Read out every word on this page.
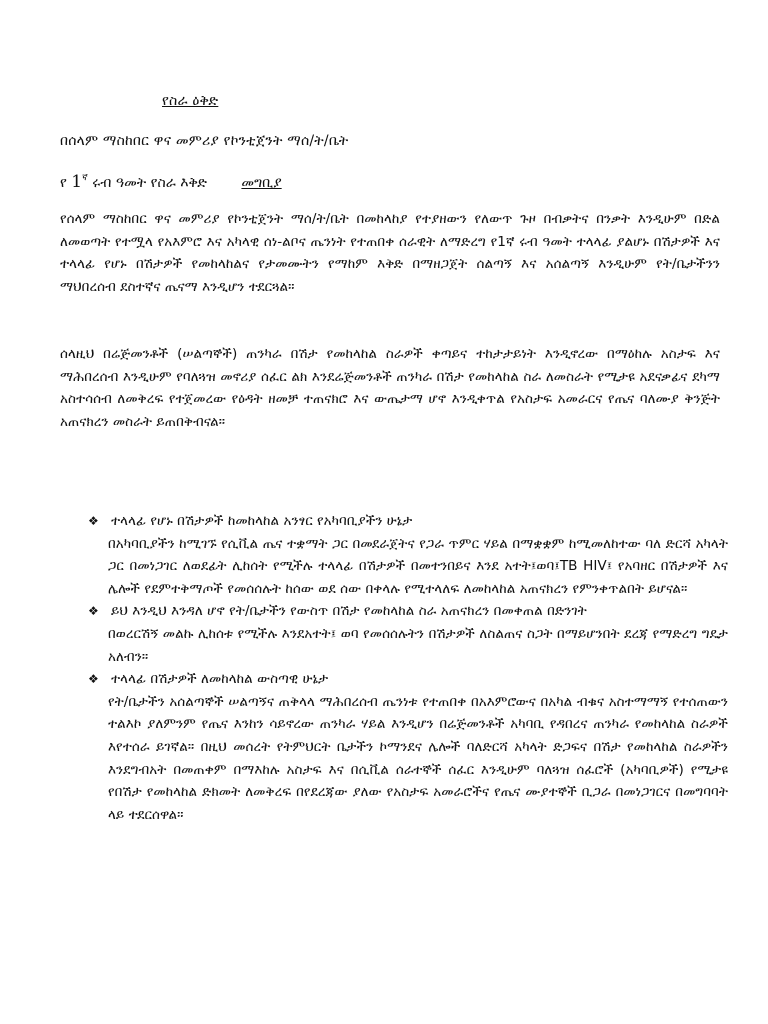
የስራ ዕቅድ
በሰላም ማስከበር ዋና መምሪያ የኮንቲጀንት ማሰ/ት/ቤት
የ $1^ኛ$ ሩብ ዓመት የስራ እቅድ መግቢያ

የሰላም ማስከበር ዋና መምሪያ የኮንቲጀንት ማሰ/ት/ቤት በመከላከያ የተያዘውን የለውጥ ጉዞ በብቃትና በንቃት እንዲሁም በድል ለመወጣት የተሟላ የአእምሮ እና አካላዊ ሰነ-ልቦና ጤንነት የተጠበቀ ሰራዊት ለማድረግ የ1ኛ ሩብ ዓመት ተላላፊ ያልሆኑ በሽታዎች እና ተላላፊ የሆኑ በሽታዎች የመከላከልና የታመሙትን የማከም እቅድ በማዘጋጀት ሰልጣኝ እና አሰልጣኝ እንዲሁም የት/ቤታችንን ማህበረሰብ ደስተኛና ጤናማ እንዲሆን ተደርጓል።

ሰላዚህ በሬጅመንቶች (ሠልጣኞች) ጠንካራ በሽታ የመከላከል ስራዎች ቀጣይና ተከታታይነት እንዲኖረው በማዕከሉ አስታፍ እና ማሕበረሰብ እንዲሁም የባለጓዝ መኖሪያ ሰፈር ልክ እንደሬጅመንቶች ጠንካራ በሽታ የመከላከል ስራ ለመስራት የሚታዩ አደናቃፊና ደካማ አስተሳሰብ ለመቅረፍ የተጀመረው የዕዳት ዘመቻ ተጠናክሮ እና ውጤታማ ሆኖ እንዲቀጥል የአስታፍ አመራርና የጤና ባለሙያ ቅንጅት አጠናክረን መስራት ይጠበቅብናል።

❖ ተላላፊ የሆኑ በሽታዎች ከመከላከል አንፃር የአካባቢያችን ሁኔታ

በአካባቢያችን ከሚገኙ የሲቪል ጤና ተቋማት ጋር በመደራጀትና የጋራ ጥምር ሃይል በማቋቋም ከሚመለከተው ባለ ድርሻ አካላት ጋር በመነጋገር ለወደፊት ሊከሰት የሚችሉ ተላላፊ በሽታዎች በመተንበይና እንደ አተት፤ወባ፤TB HIV፤ የአባዘር በሽታዎች እና ሌሎች የደምተቅማጦች የመሰሰሉት ከሰው ወደ ሰው በቀላሉ የሚተላለፍ ለመከላከል አጠናክረን የምንቀጥልበት ይሆናል።

❖ ይህ እንዲህ እንዳለ ሆኖ የት/ቤታችን የውስጥ በሽታ የመከላከል ስራ አጠናክረን በመቀጠል በድንገት

በወረርሽኝ መልኩ ሊከሰቱ የሚችሉ እንደአተት፤ ወባ የመሰሰሉትን በሽታዎች ለስልጠና ስጋት በማይሆንበት ደረጃ የማድረግ ግዴታ አለብን።

❖ ተላላፊ በሽታዎች ለመከላከል ውስጣዊ ሁኔታ

የት/ቤታችን አሰልጣኞች ሠልጣኝና ጠቅላላ ማሕበረሰብ ጤንነቱ የተጠበቀ በአእምሮውና በአካል ብቁና አስተማማኝ የተሰጠውን ተልእኮ ያለምንም የጤና እንከን ሳይኖረው ጠንካራ ሃይል እንዲሆን በሬጅመንቶች አካባቢ የዳበረና ጠንካራ የመከላከል ስራዎች እየተሰራ ይገኛል። በዚህ መሰረት የትምህርት ቤታችን ኮማንደና ሌሎች ባለድርሻ አካላት ድጋፍና በሽታ የመከላከል ስራዎችን እንደግብአት በመጠቀም በማእከሉ አስታፍ እና በሲቪል ሰራተኞች ሰፈር እንዲሁም ባለጓዝ ሰፈሮች (አካባቢዎች) የሚታዩ የበሽታ የመከላከል ድክመት ለመቅረፍ በየደረጃው ያለው የአስታፍ አመራሮችና የጤና ሙያተኞች ቢጋራ በመነጋገርና በመግባባት ላይ ተደርሰዋል።
